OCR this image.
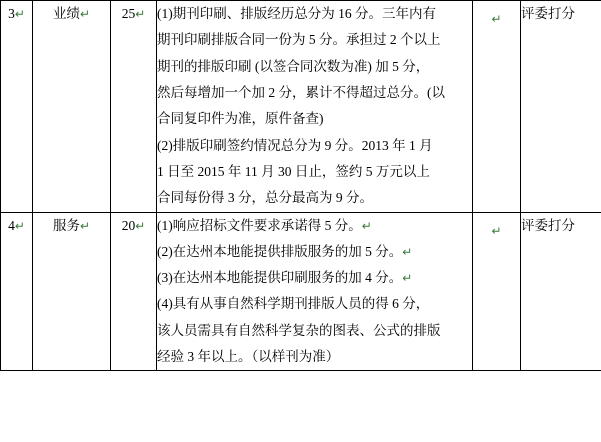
3↵	业绩↵	25↵	(1)期刊印刷、排版经历总分为 16 分。三年内有

期刊印刷排版合同一份为 5 分。承担过 2 个以上

期刊的排版印刷 (以签合同次数为准) 加 5 分，

然后每增加一个加 2 分，累计不得超过总分。(以

合同复印件为准，原件备查)

(2)排版印刷签约情况总分为 9 分。2013 年 1 月

1 日至 2015 年 11 月 30 日止，签约 5 万元以上

合同每份得 3 分，总分最高为 9 分。

↵	评委打分
4↵	服务↵	20↵	(1)响应招标文件要求承诺得 5 分。↵

(2)在达州本地能提供排版服务的加 5 分。↵

(3)在达州本地能提供印刷服务的加 4 分。↵

(4)具有从事自然科学期刊排版人员的得 6 分，

该人员需具有自然科学复杂的图表、公式的排版

经验 3 年以上。（以样刊为准）

↵	评委打分
